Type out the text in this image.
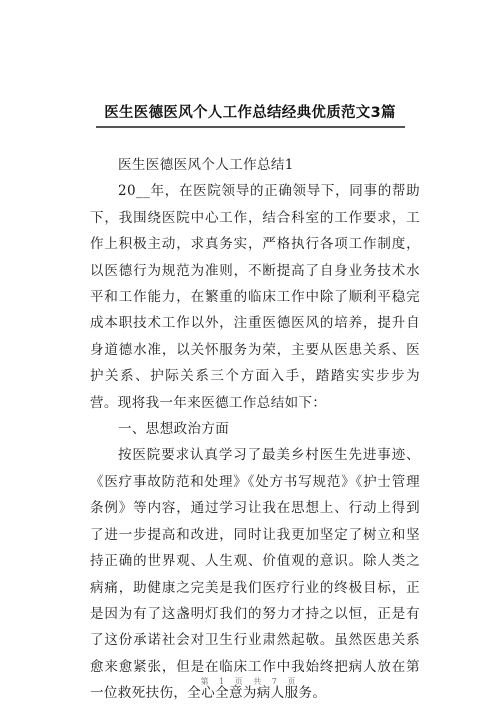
医生医德医风个人工作总结经典优质范文3篇

医生医德医风个人工作总结1

20__年，在医院领导的正确领导下，同事的帮助下，我围绕医院中心工作，结合科室的工作要求，工作上积极主动，求真务实，严格执行各项工作制度，以医德行为规范为准则，不断提高了自身业务技术水平和工作能力，在繁重的临床工作中除了顺利平稳完成本职技术工作以外，注重医德医风的培养，提升自身道德水准，以关怀服务为荣，主要从医患关系、医护关系、护际关系三个方面入手，踏踏实实步步为营。现将我一年来医德工作总结如下：

一、思想政治方面

按医院要求认真学习了最美乡村医生先进事迹、《医疗事故防范和处理》《处方书写规范》《护士管理条例》等内容，通过学习让我在思想上、行动上得到了进一步提高和改进，同时让我更加坚定了树立和坚持正确的世界观、人生观、价值观的意识。除人类之病痛，助健康之完美是我们医疗行业的终极目标，正是因为有了这盏明灯我们的努力才持之以恒，正是有了这份承诺社会对卫生行业肃然起敬。虽然医患关系愈来愈紧张，但是在临床工作中我始终把病人放在第一位救死扶伤，全心全意为病人服务。

第 1 页 共 7 页
